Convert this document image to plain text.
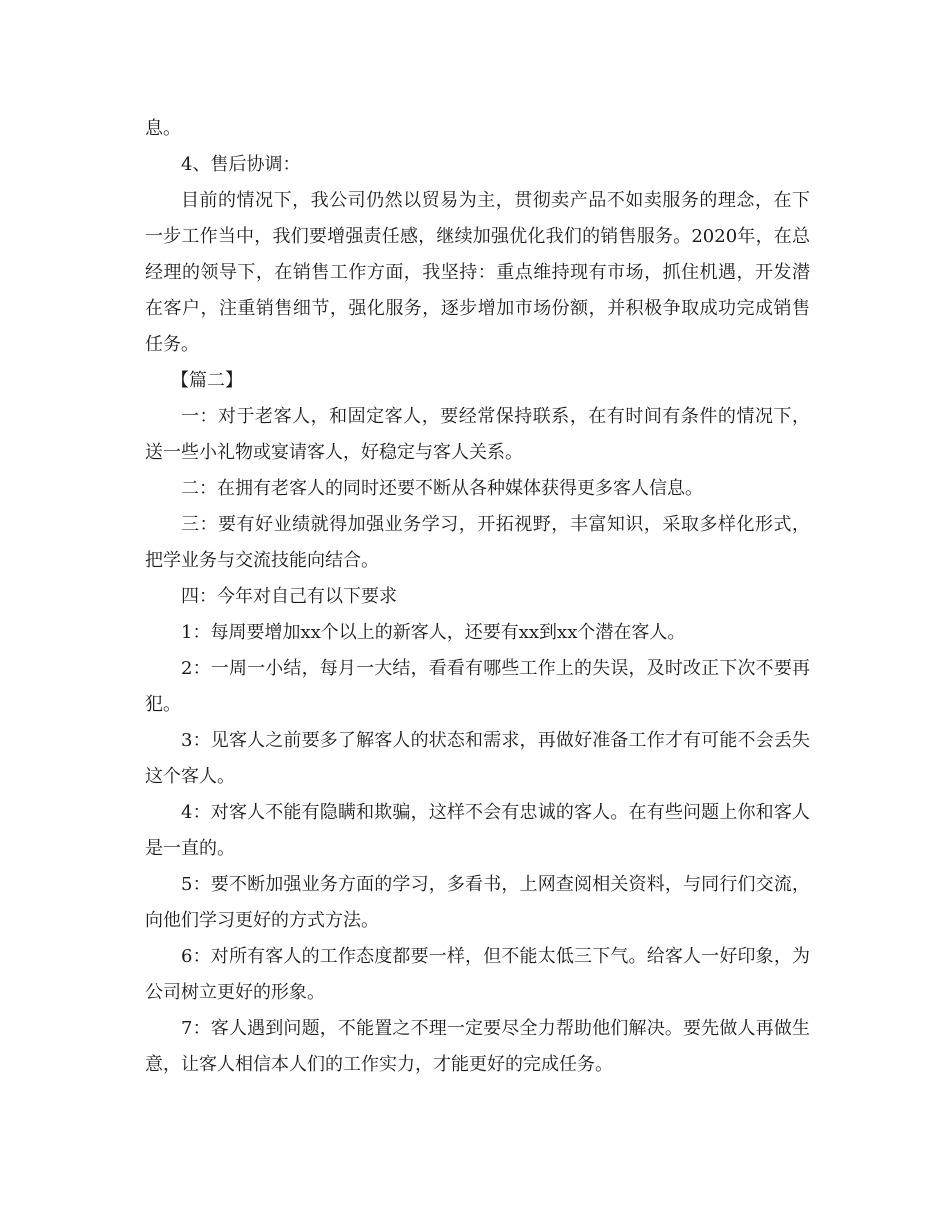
息。

4、售后协调：

目前的情况下，我公司仍然以贸易为主，贯彻卖产品不如卖服务的理念，在下一步工作当中，我们要增强责任感，继续加强优化我们的销售服务。2020年，在总经理的领导下，在销售工作方面，我坚持：重点维持现有市场，抓住机遇，开发潜在客户，注重销售细节，强化服务，逐步增加市场份额，并积极争取成功完成销售任务。

【篇二】

一：对于老客人，和固定客人，要经常保持联系，在有时间有条件的情况下，送一些小礼物或宴请客人，好稳定与客人关系。

二：在拥有老客人的同时还要不断从各种媒体获得更多客人信息。

三：要有好业绩就得加强业务学习，开拓视野，丰富知识，采取多样化形式，把学业务与交流技能向结合。

四：今年对自己有以下要求

1：每周要增加xx个以上的新客人，还要有xx到xx个潜在客人。

2：一周一小结，每月一大结，看看有哪些工作上的失误，及时改正下次不要再犯。

3：见客人之前要多了解客人的状态和需求，再做好准备工作才有可能不会丢失这个客人。

4：对客人不能有隐瞒和欺骗，这样不会有忠诚的客人。在有些问题上你和客人是一直的。

5：要不断加强业务方面的学习，多看书，上网查阅相关资料，与同行们交流，向他们学习更好的方式方法。

6：对所有客人的工作态度都要一样，但不能太低三下气。给客人一好印象，为公司树立更好的形象。

7：客人遇到问题，不能置之不理一定要尽全力帮助他们解决。要先做人再做生意，让客人相信本人们的工作实力，才能更好的完成任务。
